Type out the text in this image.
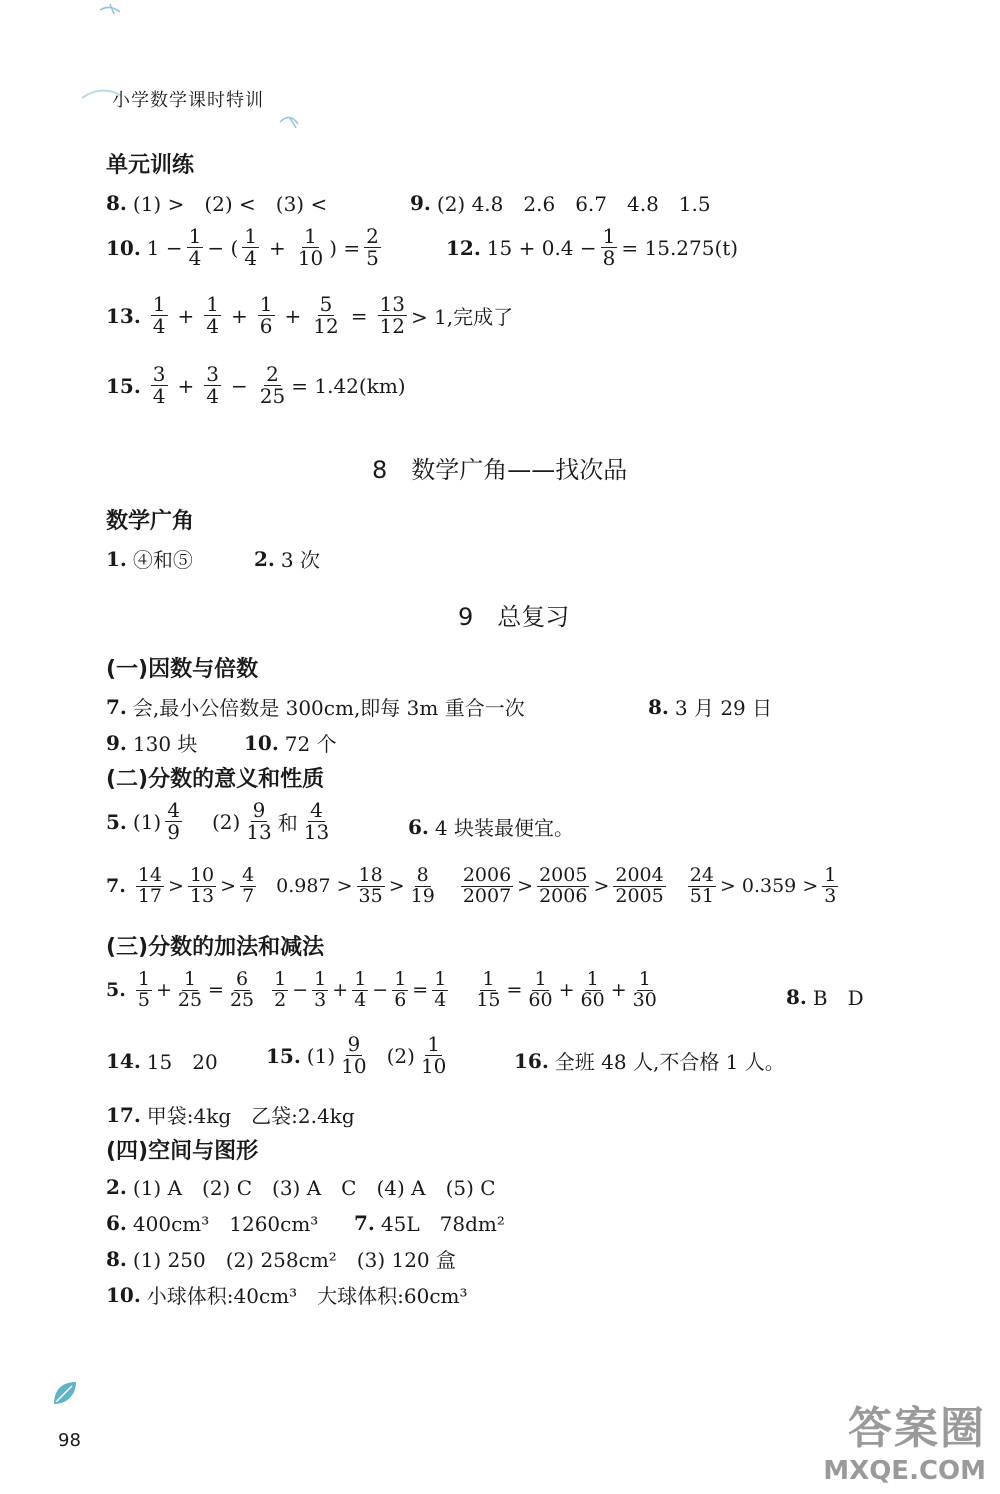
小学数学课时特训
单元训练
8. (1) >　(2) <　(3) <	9. (2) 4.8　2.6　6.7　4.8　1.5
10. $1 - \frac{1}{4}$ − ( $\frac{1}{4} + \frac{1}{10}$ ) = $\frac{2}{5}$	12. $15 + 0.4 - \frac{1}{8} = 15.275(t)$
13. $\frac{1}{4} + \frac{1}{4} + \frac{1}{6} + \frac{5}{12} = \frac{13}{12} > 1$,完成了
15. $\frac{3}{4} + \frac{3}{4} - \frac{2}{25} = 1.42(km)$
8　数学广角——找次品
数学广角
1. ④和⑤	2. 3 次
9　总复习
(一)因数与倍数
7. 会,最小公倍数是 300cm,即每 3m 重合一次	8. 3 月 29 日
9. 130 块 10. 72 个
(二)分数的意义和性质
5. $(1) \frac{4}{9} (2) \frac{9}{13}$ 和 $\frac{4}{13}$	6. 4 块装最便宜。
7. $\frac{14}{17} > \frac{10}{13} > \frac{4}{7} 0.987 > \frac{18}{35} > \frac{8}{19} \frac{2006}{2007} > \frac{2005}{2006} > \frac{2004}{2005} \frac{24}{51} > 0.359 > \frac{1}{3}$
(三)分数的加法和减法
5. $\frac{1}{5} + \frac{1}{25} = \frac{6}{25} \frac{1}{2} - \frac{1}{3} + \frac{1}{4} - \frac{1}{6} = \frac{1}{4} \frac{1}{15} = \frac{1}{60} + \frac{1}{60} + \frac{1}{30}$	8. B　D
14. 15　20 15. $(1) \frac{9}{10} (2) \frac{1}{10}$	16. 全班 48 人,不合格 1 人。
17. 甲袋:4kg　乙袋:2.4kg
(四)空间与图形
2. (1) A　(2) C　(3) A　C　(4) A　(5) C
6. 400cm³　1260cm³ 7. 45L　78dm²
8. (1) 250　(2) 258cm²　(3) 120 盒
10. 小球体积:40cm³　大球体积:60cm³
98	答案圈
MXQE.COM
